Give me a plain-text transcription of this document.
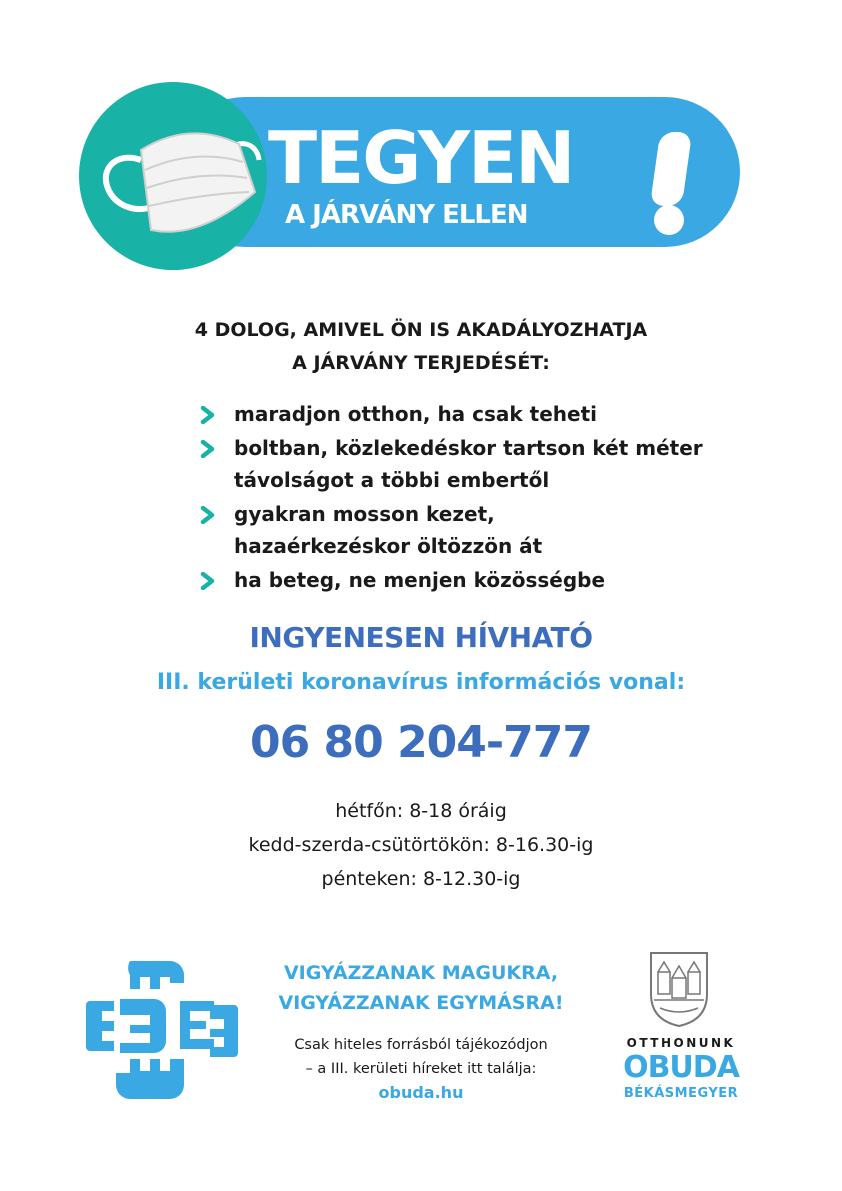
TEGYEN
A JÁRVÁNY ELLEN
4 DOLOG, AMIVEL ÖN IS AKADÁLYOZHATJA
A JÁRVÁNY TERJEDÉSÉT:
maradjon otthon, ha csak teheti
boltban, közlekedéskor tartson két méter
távolságot a többi embertől
gyakran mosson kezet,
hazaérkezéskor öltözzön át
ha beteg, ne menjen közösségbe
INGYENESEN HÍVHATÓ
III. kerületi koronavírus információs vonal:
06 80 204-777
hétfőn: 8-18 óráig
kedd-szerda-csütörtökön: 8-16.30-ig
pénteken: 8-12.30-ig
VIGYÁZZANAK MAGUKRA,
VIGYÁZZANAK EGYMÁSRA!
Csak hiteles forrásból tájékozódjon
– a III. kerületi híreket itt találja:
obuda.hu
OTTHONUNK
OBUDA
BÉKÁSMEGYER
